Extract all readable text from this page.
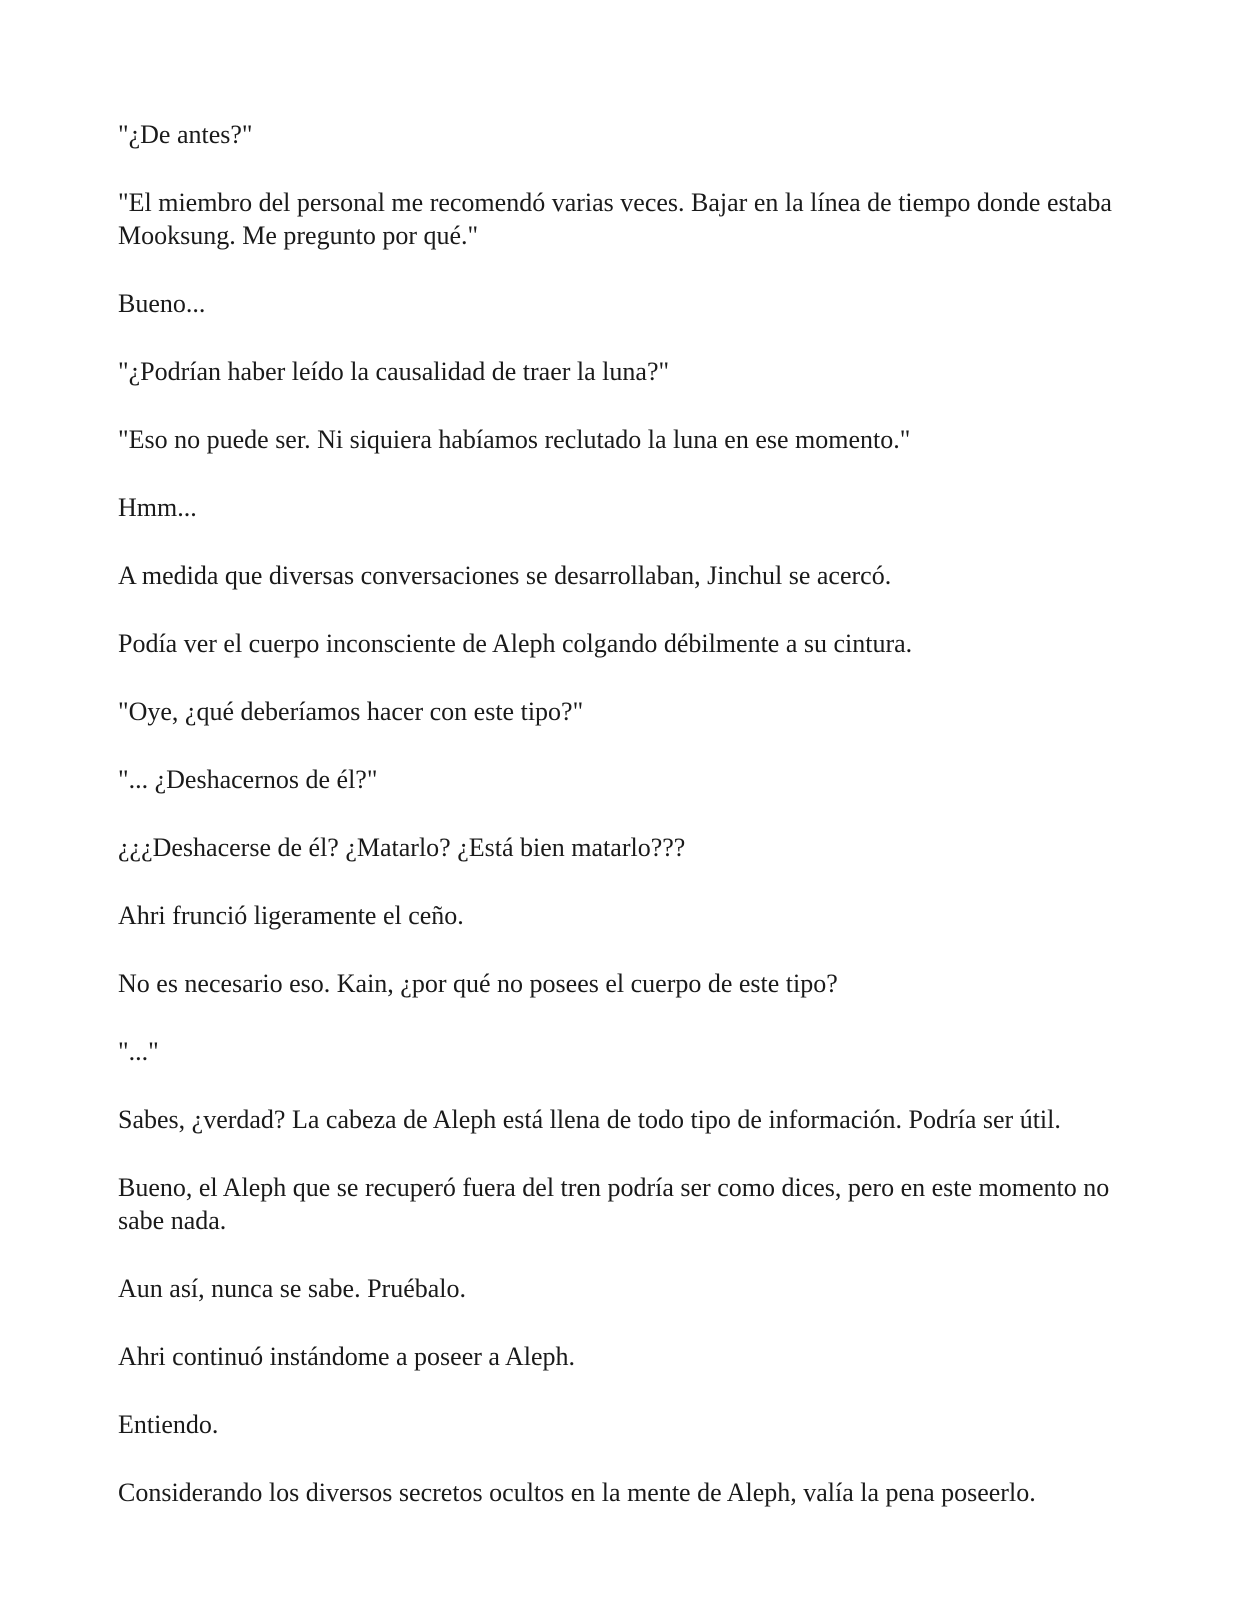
"¿De antes?"

"El miembro del personal me recomendó varias veces. Bajar en la línea de tiempo donde estaba Mooksung. Me pregunto por qué."

Bueno...

"¿Podrían haber leído la causalidad de traer la luna?"

"Eso no puede ser. Ni siquiera habíamos reclutado la luna en ese momento."

Hmm...

A medida que diversas conversaciones se desarrollaban, Jinchul se acercó.

Podía ver el cuerpo inconsciente de Aleph colgando débilmente a su cintura.

"Oye, ¿qué deberíamos hacer con este tipo?"

"... ¿Deshacernos de él?"

¿¿¿Deshacerse de él? ¿Matarlo? ¿Está bien matarlo???

Ahri frunció ligeramente el ceño.

No es necesario eso. Kain, ¿por qué no posees el cuerpo de este tipo?

"..."

Sabes, ¿verdad? La cabeza de Aleph está llena de todo tipo de información. Podría ser útil.

Bueno, el Aleph que se recuperó fuera del tren podría ser como dices, pero en este momento no sabe nada.

Aun así, nunca se sabe. Pruébalo.

Ahri continuó instándome a poseer a Aleph.

Entiendo.

Considerando los diversos secretos ocultos en la mente de Aleph, valía la pena poseerlo.
